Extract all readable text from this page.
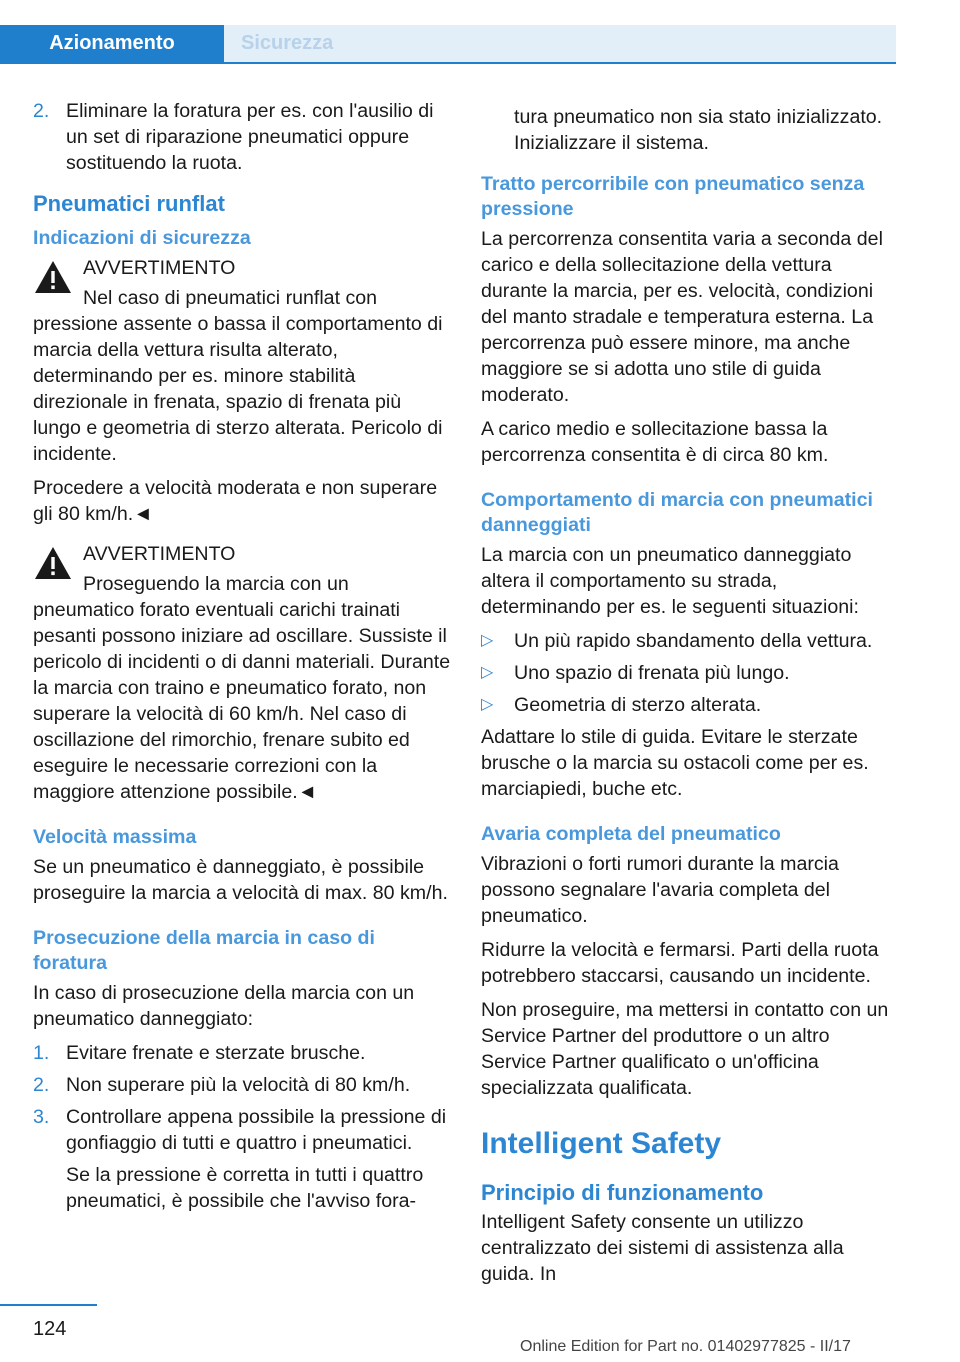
Azionamento	Sicurezza
2. Eliminare la foratura per es. con l'ausilio di un set di riparazione pneumatici oppure sostituendo la ruota.
Pneumatici runflat
Indicazioni di sicurezza
AVVERTIMENTO
Nel caso di pneumatici runflat con pressione assente o bassa il comportamento di marcia della vettura risulta alterato, determinando per es. minore stabilità direzionale in frenata, spazio di frenata più lungo e geometria di sterzo alterata. Pericolo di incidente.

Procedere a velocità moderata e non superare gli 80 km/h.◄

AVVERTIMENTO
Proseguendo la marcia con un pneumatico forato eventuali carichi trainati pesanti possono iniziare ad oscillare. Sussiste il pericolo di incidenti o di danni materiali. Durante la marcia con traino e pneumatico forato, non superare la velocità di 60 km/h. Nel caso di oscillazione del rimorchio, frenare subito ed eseguire le necessarie correzioni con la maggiore attenzione possibile.◄
Velocità massima

Se un pneumatico è danneggiato, è possibile proseguire la marcia a velocità di max. 80 km/h.

Prosecuzione della marcia in caso di foratura

In caso di prosecuzione della marcia con un pneumatico danneggiato:

1. Evitare frenate e sterzate brusche.
2. Non superare più la velocità di 80 km/h.
3. Controllare appena possibile la pressione di gonfiaggio di tutti e quattro i pneumatici.
Se la pressione è corretta in tutti i quattro pneumatici, è possibile che l'avviso fora-
tura pneumatico non sia stato inizializzato. Inizializzare il sistema.
Tratto percorribile con pneumatico senza pressione

La percorrenza consentita varia a seconda del carico e della sollecitazione della vettura durante la marcia, per es. velocità, condizioni del manto stradale e temperatura esterna. La percorrenza può essere minore, ma anche maggiore se si adotta uno stile di guida moderato.

A carico medio e sollecitazione bassa la percorrenza consentita è di circa 80 km.

Comportamento di marcia con pneumatici danneggiati

La marcia con un pneumatico danneggiato altera il comportamento su strada, determinando per es. le seguenti situazioni:

▷	Un più rapido sbandamento della vettura.
▷	Uno spazio di frenata più lungo.
▷	Geometria di sterzo alterata.

Adattare lo stile di guida. Evitare le sterzate brusche o la marcia su ostacoli come per es. marciapiedi, buche etc.

Avaria completa del pneumatico

Vibrazioni o forti rumori durante la marcia possono segnalare l'avaria completa del pneumatico.

Ridurre la velocità e fermarsi. Parti della ruota potrebbero staccarsi, causando un incidente.

Non proseguire, ma mettersi in contatto con un Service Partner del produttore o un altro Service Partner qualificato o un'officina specializzata qualificata.

Intelligent Safety
Principio di funzionamento

Intelligent Safety consente un utilizzo centralizzato dei sistemi di assistenza alla guida. In

124
Online Edition for Part no. 01402977825 - II/17
